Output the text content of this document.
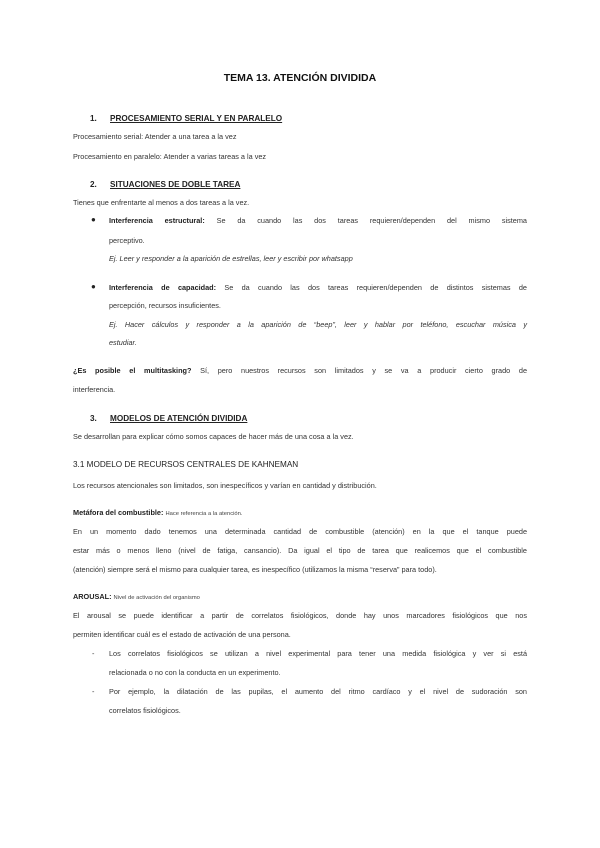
TEMA 13. ATENCIÓN DIVIDIDA
1. PROCESAMIENTO SERIAL Y EN PARALELO
Procesamiento serial: Atender a una tarea a la vez
Procesamiento en paralelo: Atender a varias tareas a la vez
2. SITUACIONES DE DOBLE TAREA
Tienes que enfrentarte al menos a dos tareas a la vez.
● Interferencia estructural: Se da cuando las dos tareas requieren/dependen del mismo sistema
perceptivo.
Ej. Leer y responder a la aparición de estrellas, leer y escribir por whatsapp
● Interferencia de capacidad: Se da cuando las dos tareas requieren/dependen de distintos sistemas de
percepción, recursos insuficientes.
Ej. Hacer cálculos y responder a la aparición de “beep”, leer y hablar por teléfono, escuchar música y
estudiar.
¿Es posible el multitasking? Sí, pero nuestros recursos son limitados y se va a producir cierto grado de
interferencia.
3. MODELOS DE ATENCIÓN DIVIDIDA
Se desarrollan para explicar cómo somos capaces de hacer más de una cosa a la vez.
3.1 MODELO DE RECURSOS CENTRALES DE KAHNEMAN
Los recursos atencionales son limitados, son inespecíficos y varían en cantidad y distribución.
Metáfora del combustible: Hace referencia a la atención.
En un momento dado tenemos una determinada cantidad de combustible (atención) en la que el tanque puede
estar más o menos lleno (nivel de fatiga, cansancio). Da igual el tipo de tarea que realicemos que el combustible
(atención) siempre será el mismo para cualquier tarea, es inespecífico (utilizamos la misma “reserva” para todo).
AROUSAL: Nivel de activación del organismo
El arousal se puede identificar a partir de correlatos fisiológicos, donde hay unos marcadores fisiológicos que nos
permiten identificar cuál es el estado de activación de una persona.
- Los correlatos fisiológicos se utilizan a nivel experimental para tener una medida fisiológica y ver si está
relacionada o no con la conducta en un experimento.
- Por ejemplo, la dilatación de las pupilas, el aumento del ritmo cardíaco y el nivel de sudoración son
correlatos fisiológicos.
